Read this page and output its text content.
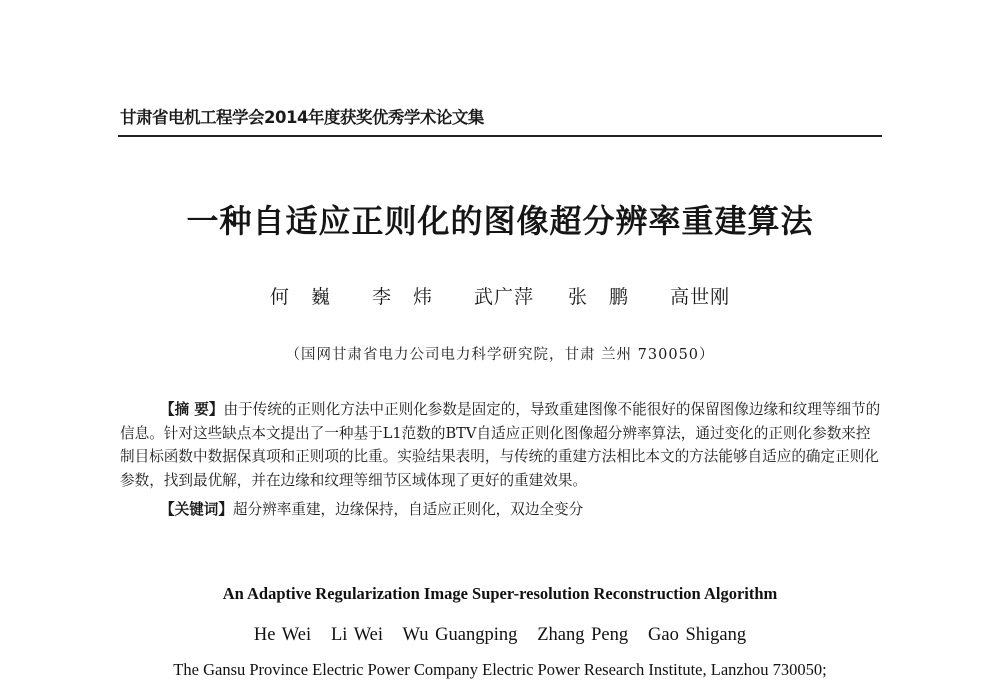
甘肃省电机工程学会2014年度获奖优秀学术论文集
一种自适应正则化的图像超分辨率重建算法
何 巍 李 炜 武广萍 张 鹏 高世刚
（国网甘肃省电力公司电力科学研究院，甘肃 兰州 730050）

【摘 要】由于传统的正则化方法中正则化参数是固定的，导致重建图像不能很好的保留图像边缘和纹理等细节的信息。针对这些缺点本文提出了一种基于L1范数的BTV自适应正则化图像超分辨率算法，通过变化的正则化参数来控制目标函数中数据保真项和正则项的比重。实验结果表明，与传统的重建方法相比本文的方法能够自适应的确定正则化参数，找到最优解，并在边缘和纹理等细节区域体现了更好的重建效果。

【关键词】超分辨率重建，边缘保持，自适应正则化，双边全变分

An Adaptive Regularization Image Super-resolution Reconstruction Algorithm
He Wei   Li Wei   Wu Guangping   Zhang Peng   Gao Shigang
The Gansu Province Electric Power Company Electric Power Research Institute, Lanzhou 730050;
